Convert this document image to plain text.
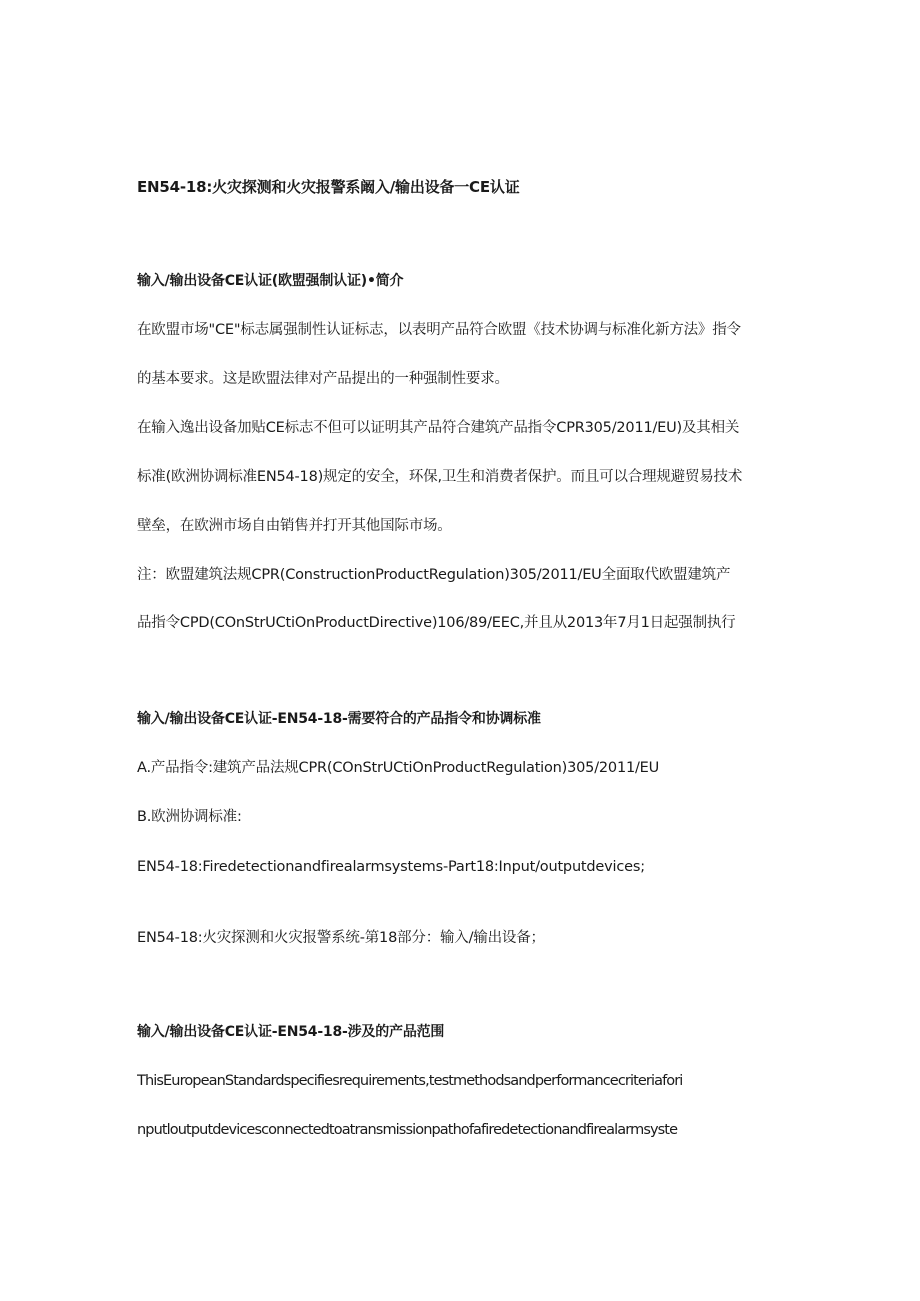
EN54-18:火灾探测和火灾报警系阚入/输出设备一CE认证
输入/输出设备CE认证(欧盟强制认证)•简介
在欧盟市场"CE"标志属强制性认证标志，以表明产品符合欧盟《技术协调与标准化新方法》指令
的基本要求。这是欧盟法律对产品提出的一种强制性要求。
在输入逸出设备加贴CE标志不但可以证明其产品符合建筑产品指令CPR305/2011/EU)及其相关
标准(欧洲协调标准EN54-18)规定的安全，环保,卫生和消费者保护。而且可以合理规避贸易技术
壁垒，在欧洲市场自由销售并打开其他国际市场。
注：欧盟建筑法规CPR(ConstructionProductRegulation)305/2011/EU全面取代欧盟建筑产
品指令CPD(COnStrUCtiOnProductDirective)106/89/EEC,并且从2013年7月1日起强制执行
输入/输出设备CE认证-EN54-18-需要符合的产品指令和协调标准
A.产品指令:建筑产品法规CPR(COnStrUCtiOnProductRegulation)305/2011/EU
B.欧洲协调标准:
EN54-18:Firedetectionandfirealarmsystems-Part18:Input/outputdevices;
EN54-18:火灾探测和火灾报警系统-第18部分：输入/输出设备；
输入/输出设备CE认证-EN54-18-涉及的产品范围
ThisEuropeanStandardspecifiesrequirements,testmethodsandperformancecriteriafori
nputloutputdevicesconnectedtoatransmissionpathofafiredetectionandfirealarmsyste
